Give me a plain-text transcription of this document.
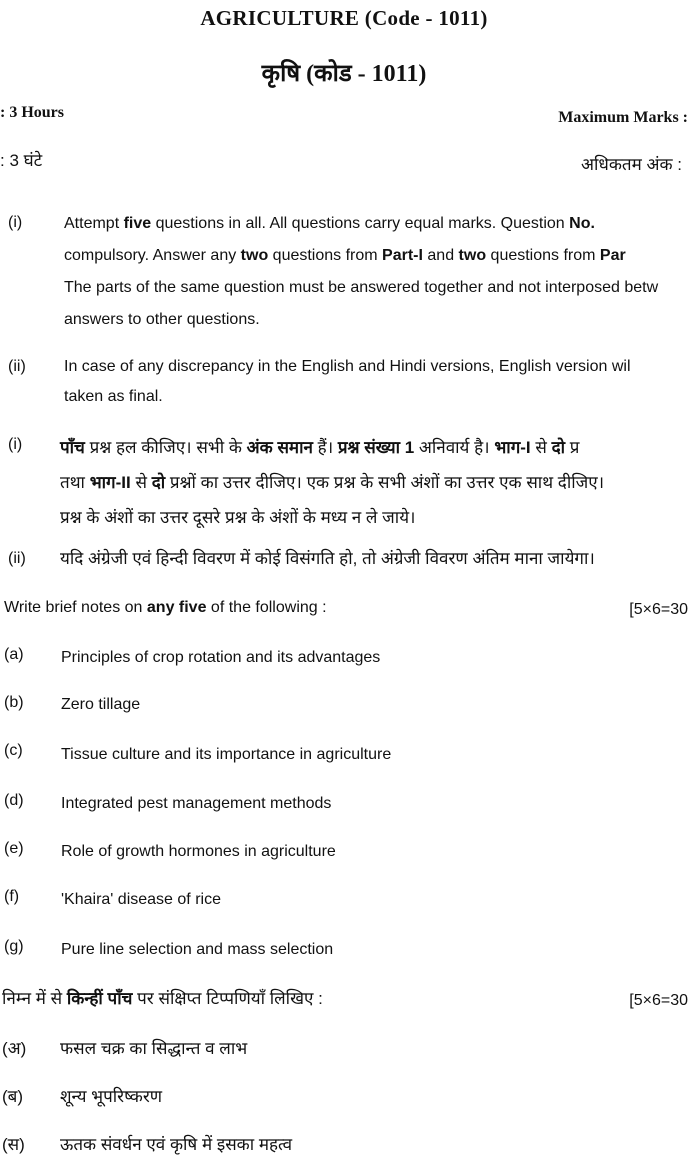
AGRICULTURE (Code - 1011)
कृषि (कोड - 1011)
: 3 Hours	Maximum Marks :
: 3 घंटे	अधिकतम अंक :
(i)	Attempt five questions in all. All questions carry equal marks. Question No.
compulsory. Answer any two questions from Part-I and two questions from Par
The parts of the same question must be answered together and not interposed betw
answers to other questions.
(ii) In case of any discrepancy in the English and Hindi versions, English version wil
taken as final.
(i) पाँच प्रश्न हल कीजिए। सभी के अंक समान हैं। प्रश्न संख्या 1 अनिवार्य है। भाग-I से दो प्र
तथा भाग-II से दो प्रश्नों का उत्तर दीजिए। एक प्रश्न के सभी अंशों का उत्तर एक साथ दीजिए।
प्रश्न के अंशों का उत्तर दूसरे प्रश्न के अंशों के मध्य न ले जाये।
(ii) यदि अंग्रेजी एवं हिन्दी विवरण में कोई विसंगति हो, तो अंग्रेजी विवरण अंतिम माना जायेगा।
Write brief notes on any five of the following :	[5×6=30
(a) Principles of crop rotation and its advantages
(b) Zero tillage
(c) Tissue culture and its importance in agriculture
(d) Integrated pest management methods
(e) Role of growth hormones in agriculture
(f)	'Khaira' disease of rice
(g) Pure line selection and mass selection
निम्न में से किन्हीं पाँच पर संक्षिप्त टिप्पणियाँ लिखिए :	[5×6=30
(अ) फसल चक्र का सिद्धान्त व लाभ
(ब) शून्य भूपरिष्करण
(स) ऊतक संवर्धन एवं कृषि में इसका महत्व
